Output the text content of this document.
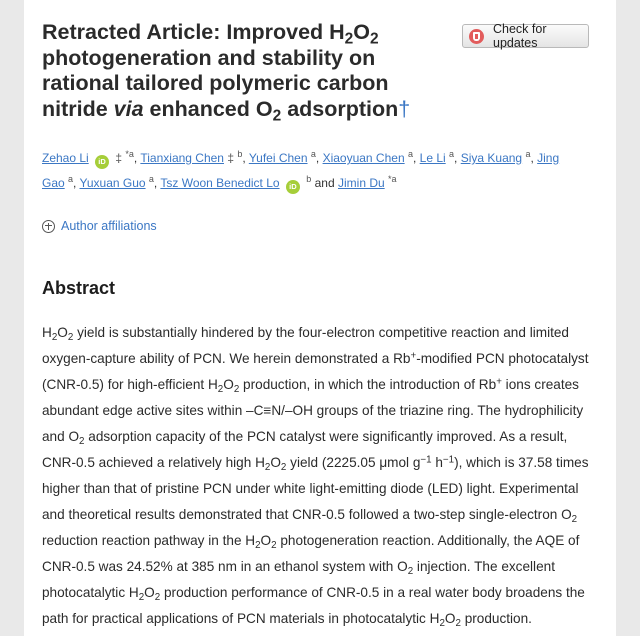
Retracted Article: Improved $H_2O_2$ photogeneration and stability on rational tailored polymeric carbon nitride via enhanced $O_2$ adsorption†
Check for updates
Zehao Li iD ‡ $^{*a}$, Tianxiang Chen ‡ $^b$, Yufei Chen $^a$, Xiaoyuan Chen $^a$, Le Li $^a$, Siya Kuang $^a$, Jing Gao $^a$, Yuxuan Guo $^a$, Tsz Woon Benedict Lo iD $^b$ and Jimin Du $^{*a}$
Author affiliations
Abstract

$H_2O_2$ yield is substantially hindered by the four-electron competitive reaction and limited oxygen-capture ability of PCN. We herein demonstrated a Rb+-modified PCN photocatalyst (CNR-0.5) for high-efficient $H_2O_2$ production, in which the introduction of Rb+ ions creates abundant edge active sites within –C≡N/–OH groups of the triazine ring. The hydrophilicity and $O_2$ adsorption capacity of the PCN catalyst were significantly improved. As a result, CNR-0.5 achieved a relatively high $H_2O_2$ yield (2225.05 μmol $g^{-1}$ $h^{-1}$), which is 37.58 times higher than that of pristine PCN under white light-emitting diode (LED) light. Experimental and theoretical results demonstrated that CNR-0.5 followed a two-step single-electron $O_2$ reduction reaction pathway in the $H_2O_2$ photogeneration reaction. Additionally, the AQE of CNR-0.5 was 24.52% at 385 nm in an ethanol system with $O_2$ injection. The excellent photocatalytic $H_2O_2$ production performance of CNR-0.5 in a real water body broadens the path for practical applications of PCN materials in photocatalytic $H_2O_2$ production.
